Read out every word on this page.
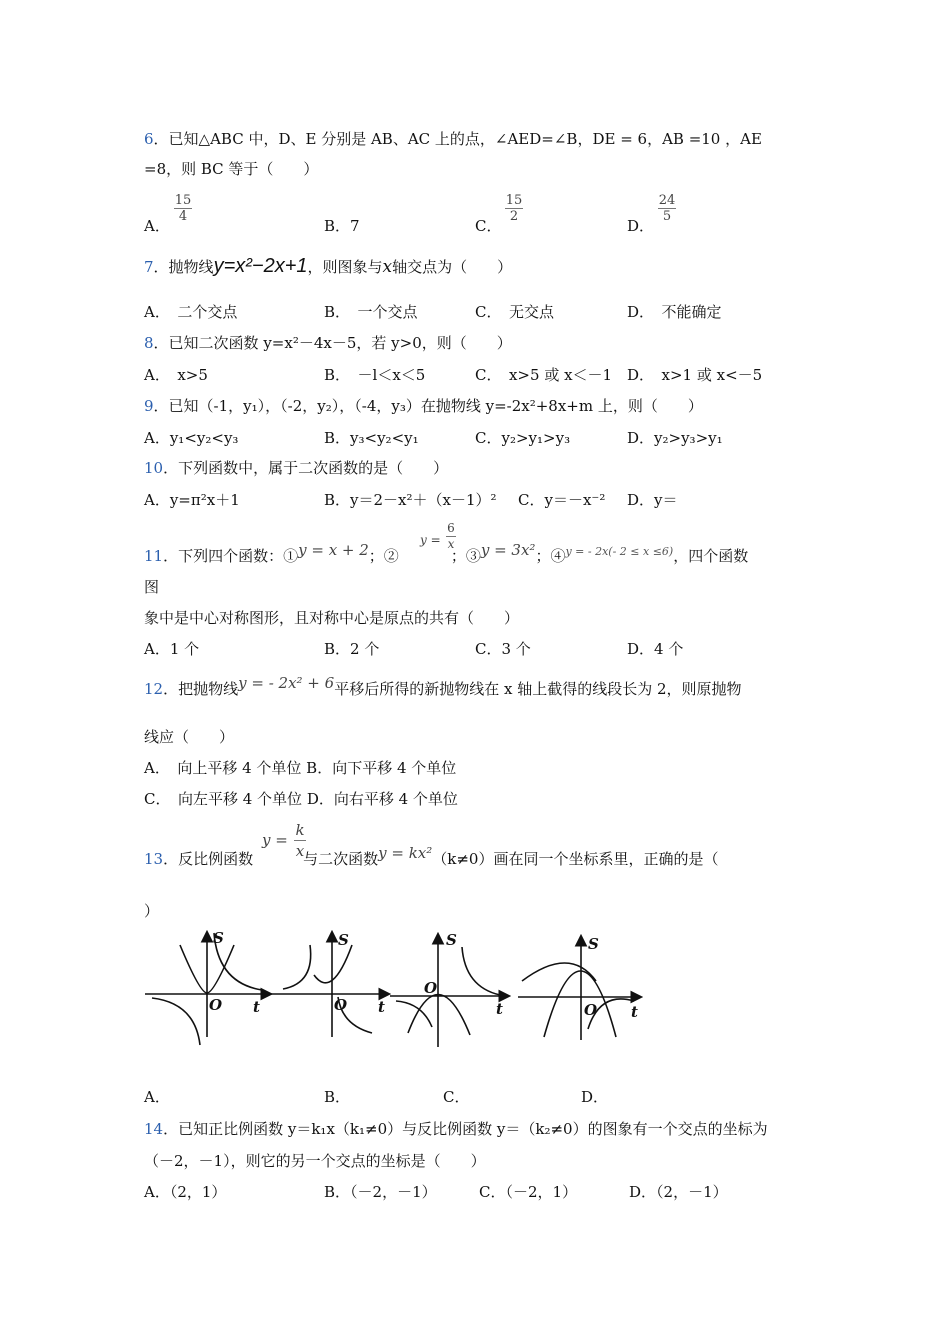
6．已知△ABC 中，D、E 分别是 AB、AC 上的点，∠AED=∠B，DE = 6，AB =10 ，AE
=8，则 BC 等于（　　）
A．
$\frac{15}{4}$
B．7	C．
$\frac{15}{2}$
D．
$\frac{24}{5}$
7．抛物线y=x²−2x+1，则图象与x轴交点为（　　）
A．　二个交点	B．　一个交点	C．　无交点	D．　不能确定
8．已知二次函数 y=x²－4x－5，若 y>0，则（　　）
A．　x>5	B．　－l＜x＜5	C．　x>5 或 x＜－1 D．　x>1 或 x<－5
9．已知（-1，y₁），（-2，y₂），（-4，y₃）在抛物线 y=-2x²+8x+m 上，则（　　）
A．y₁<y₂<y₃	B．y₃<y₂<y₁	C．y₂>y₁>y₃	D．y₂>y₃>y₁
10．下列函数中，属于二次函数的是（　　）
A．y=π²x＋1	B．y＝2－x²＋（x－1）² C．y＝－x⁻² D．y＝
11．下列四个函数：①y = x + 2；②	；③y = 3x²；④y = - 2x(- 2 ≤ x ≤6)，四个函数
$y = \frac{6}{x}$
图
象中是中心对称图形，且对称中心是原点的共有（　　）
A．1 个	B．2 个	C．3 个	D．4 个
12．把抛物线y = - 2x² + 6平移后所得的新抛物线在 x 轴上截得的线段长为 2，则原抛物
线应（　　）
A．　向上平移 4 个单位 B．向下平移 4 个单位
C．　向左平移 4 个单位 D．向右平移 4 个单位
13．反比例函数	与二次函数y = kx²（k≠0）画在同一个坐标系里，正确的是（
$y = \frac{k}{x}$
）
S
t
O
S
t
O
S
t
O
S
t
O
A．	B．	C．	D．
14．已知正比例函数 y＝k₁x（k₁≠0）与反比例函数 y＝（k₂≠0）的图象有一个交点的坐标为
（－2，－1），则它的另一个交点的坐标是（　　）
A．（2，1）	B．（－2，－1）	C．（－2，1）	D．（2，－1）
